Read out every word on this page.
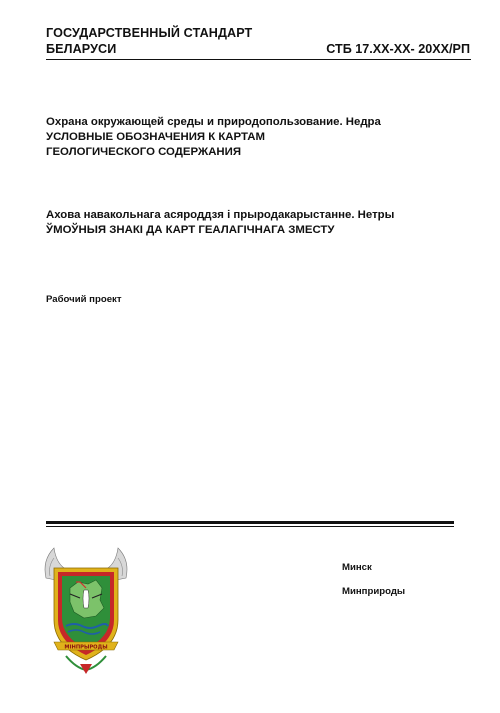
ГОСУДАРСТВЕННЫЙ СТАНДАРТ
БЕЛАРУСИ	СТБ 17.ХХ-ХХ- 20ХХ/РП
Охрана окружающей среды и природопользование. Недра
УСЛОВНЫЕ ОБОЗНАЧЕНИЯ К КАРТАМ
ГЕОЛОГИЧЕСКОГО СОДЕРЖАНИЯ
Ахова навакольнага асяроддзя і прыродакарыстанне. Нетры
ЎМОЎНЫЯ ЗНАКІ ДА КАРТ ГЕАЛАГІЧНАГА ЗМЕСТУ
Рабочий проект
МІНПРЫРОДЫ
Минск
Минприроды
